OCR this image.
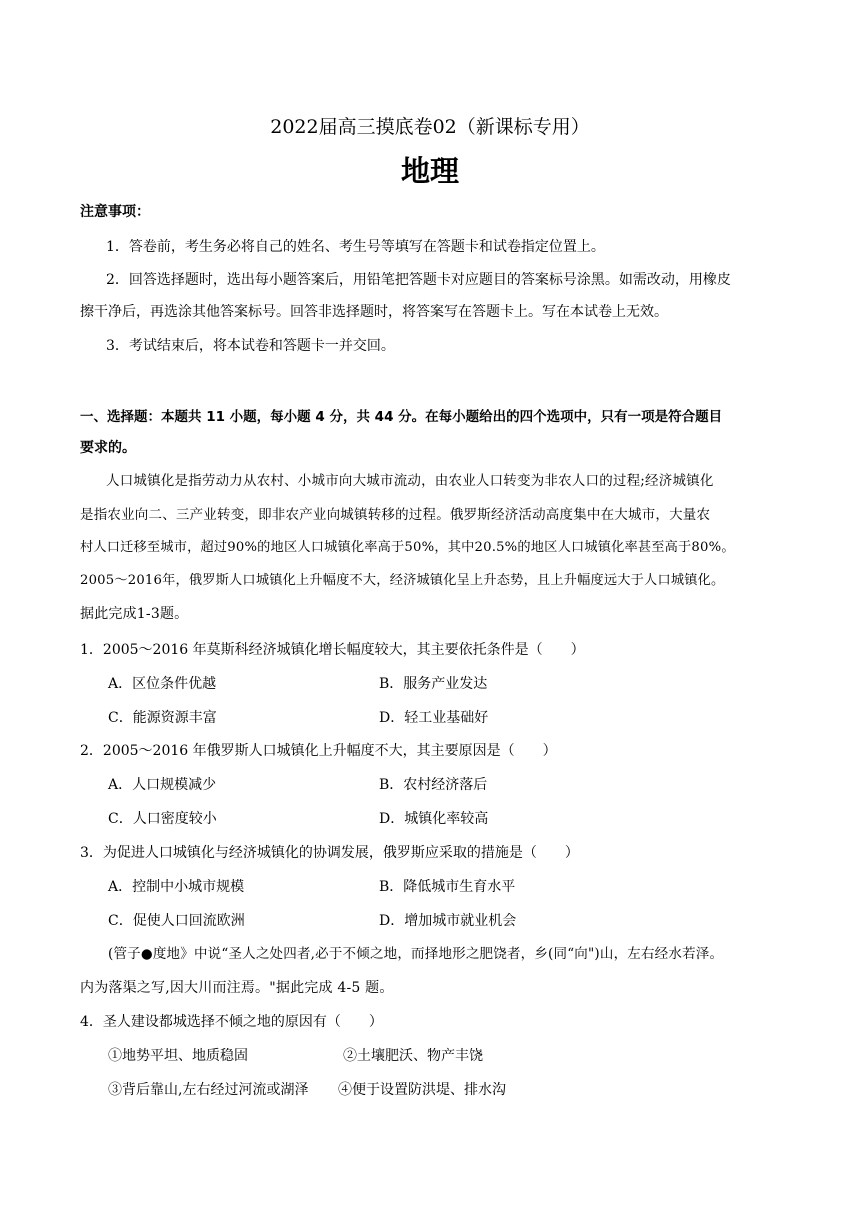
2022届高三摸底卷02（新课标专用）
地理
注意事项：
1．答卷前，考生务必将自己的姓名、考生号等填写在答题卡和试卷指定位置上。
2．回答选择题时，选出每小题答案后，用铅笔把答题卡对应题目的答案标号涂黑。如需改动，用橡皮
擦干净后，再选涂其他答案标号。回答非选择题时，将答案写在答题卡上。写在本试卷上无效。
3．考试结束后，将本试卷和答题卡一并交回。
一、选择题：本题共 11 小题，每小题 4 分，共 44 分。在每小题给出的四个选项中，只有一项是符合题目
要求的。
人口城镇化是指劳动力从农村、小城市向大城市流动，由农业人口转变为非农人口的过程;经济城镇化
是指农业向二、三产业转变，即非农产业向城镇转移的过程。俄罗斯经济活动高度集中在大城市，大量农
村人口迁移至城市，超过90%的地区人口城镇化率高于50%，其中20.5%的地区人口城镇化率甚至高于80%。
2005～2016年，俄罗斯人口城镇化上升幅度不大，经济城镇化呈上升态势，且上升幅度远大于人口城镇化。
据此完成1-3题。
1．2005～2016 年莫斯科经济城镇化增长幅度较大，其主要依托条件是（　　）
A．区位条件优越	B．服务产业发达
C．能源资源丰富	D．轻工业基础好
2．2005～2016 年俄罗斯人口城镇化上升幅度不大，其主要原因是（　　）
A．人口规模减少	B．农村经济落后
C．人口密度较小	D．城镇化率较高
3．为促进人口城镇化与经济城镇化的协调发展，俄罗斯应采取的措施是（　　）
A．控制中小城市规模	B．降低城市生育水平
C．促使人口回流欧洲	D．增加城市就业机会
(管子●度地》中说“圣人之处四者,必于不倾之地，而择地形之肥饶者，乡(同“向")山，左右经水若泽。
内为落渠之写,因大川而注焉。"据此完成 4-5 题。
4．圣人建设都城选择不倾之地的原因有（　　）
①地势平坦、地质稳固	②土壤肥沃、物产丰饶
③背后靠山,左右经过河流或湖泽 ④便于设置防洪堤、排水沟
